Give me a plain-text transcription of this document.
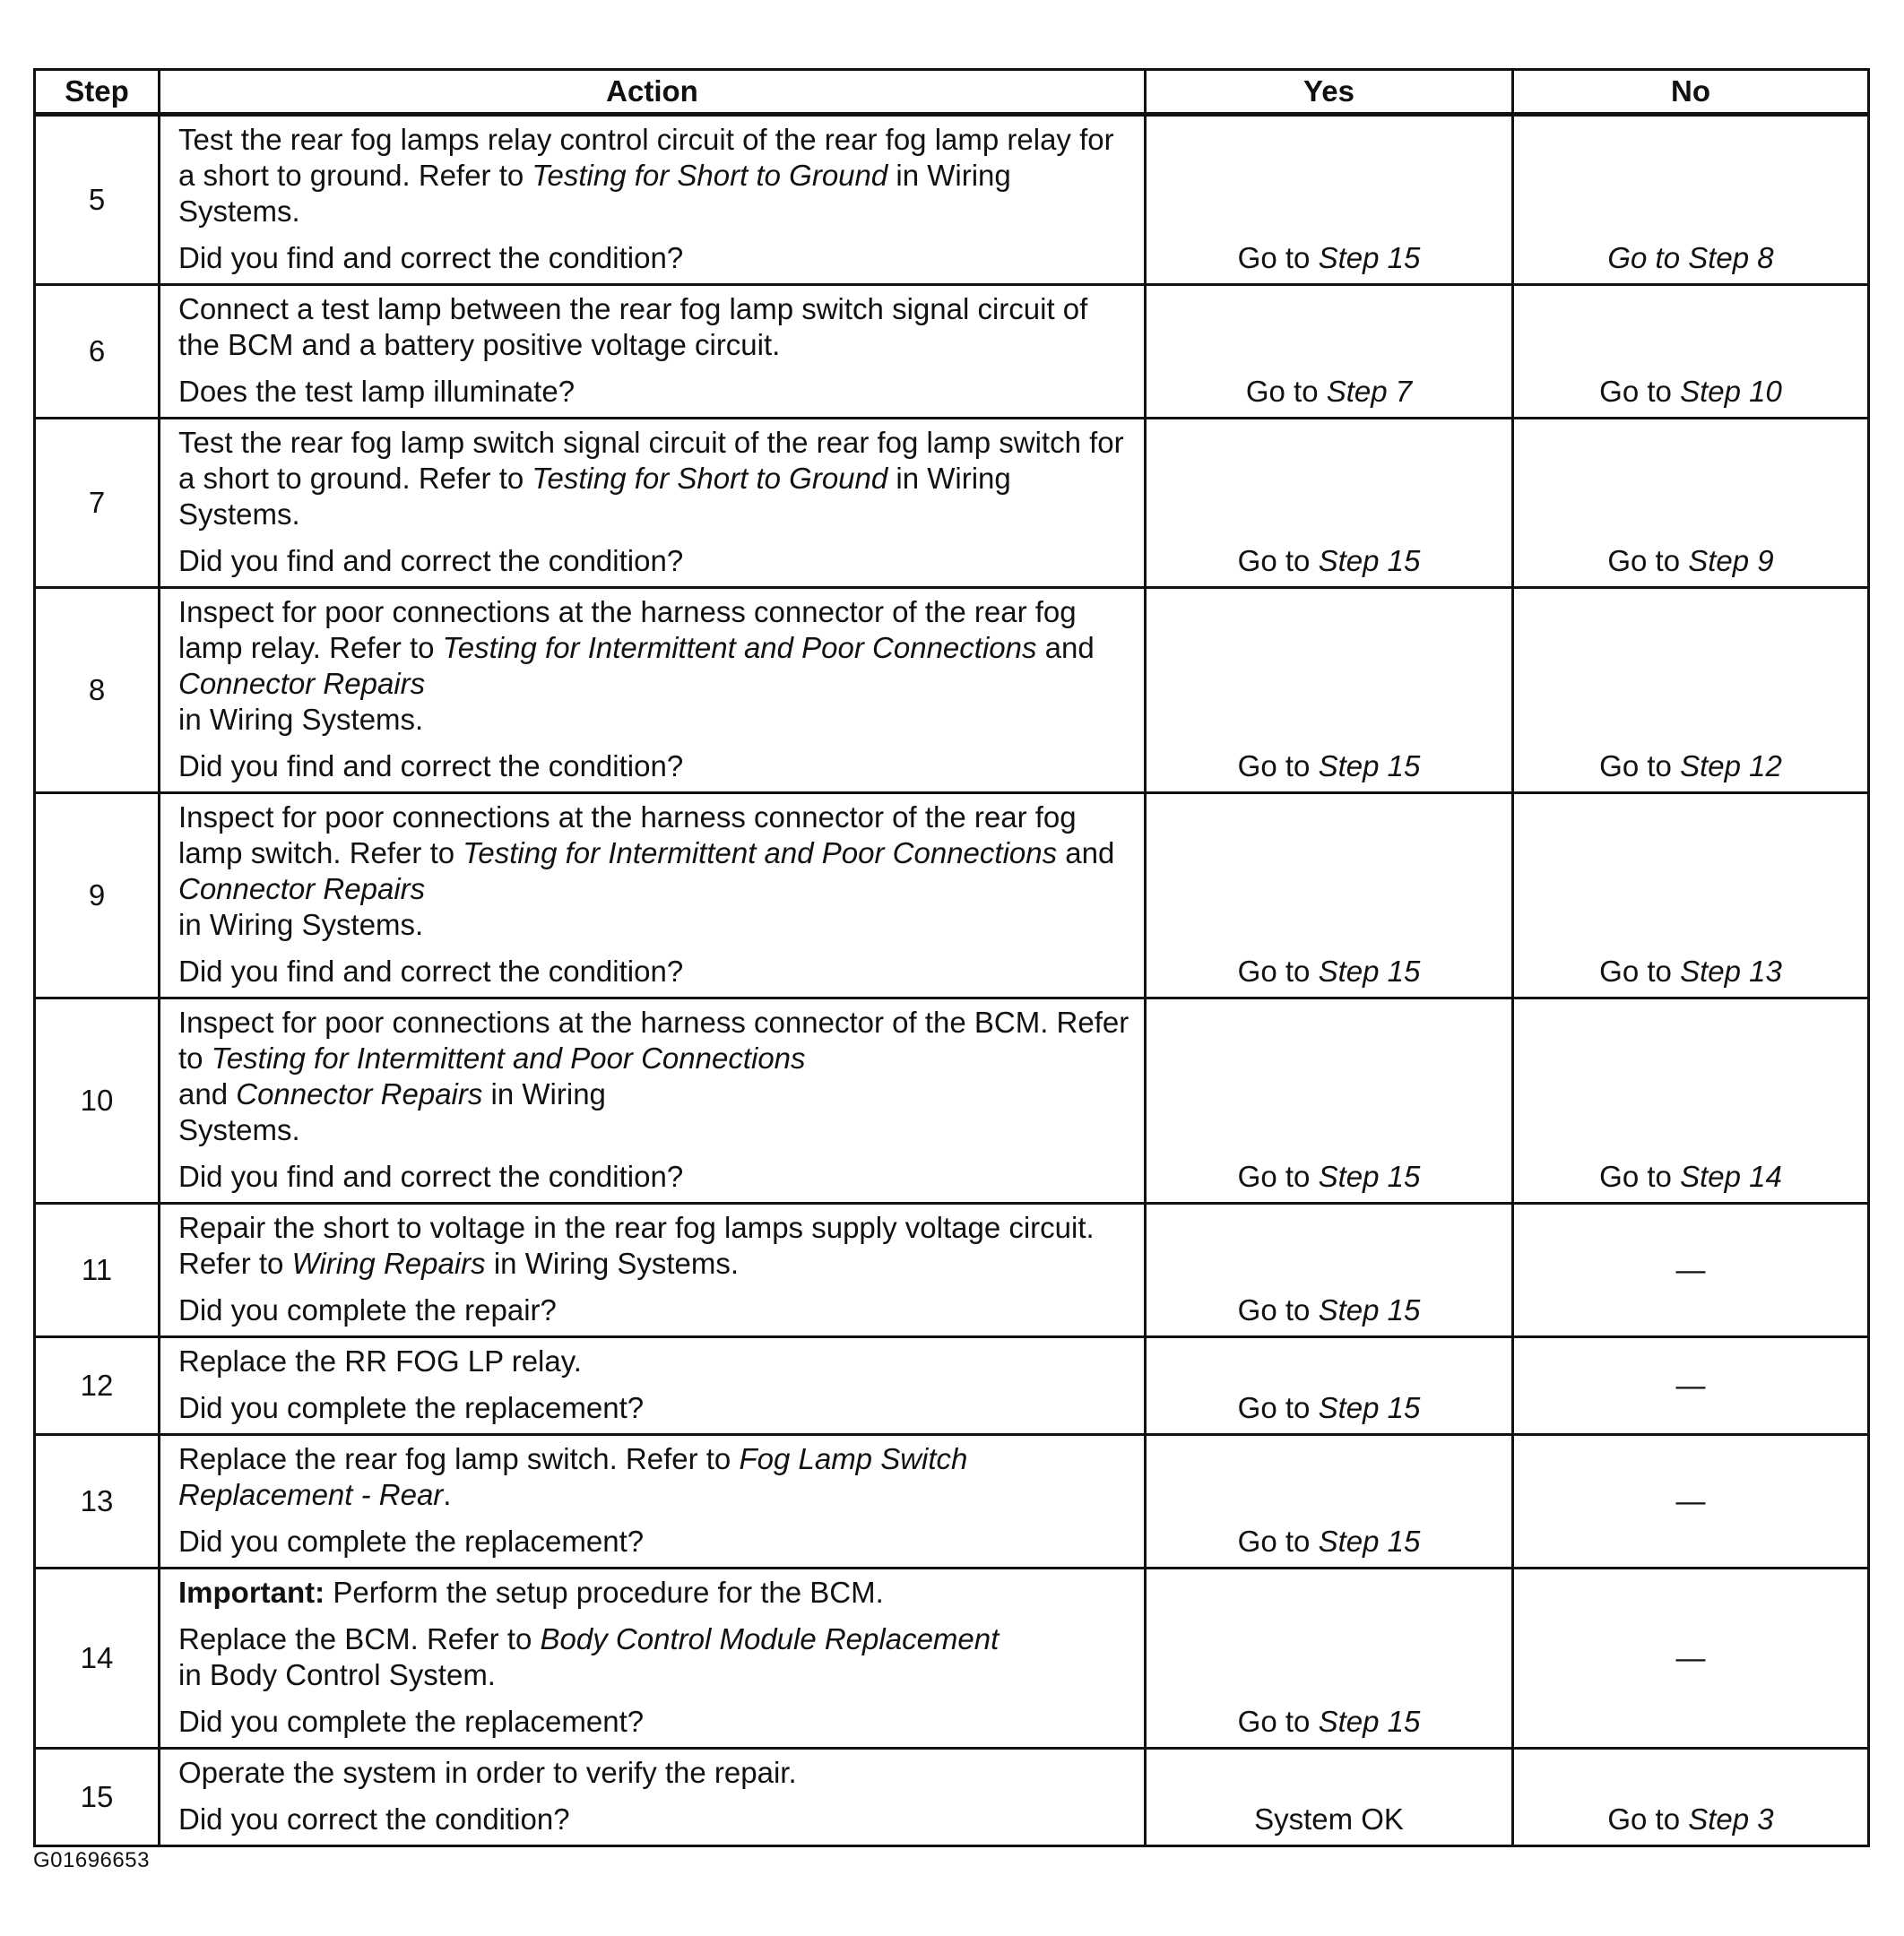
Step	Action	Yes	No
5	Test the rear fog lamps relay control circuit of the rear fog lamp relay for a short to ground. Refer to Testing for Short to Ground in Wiring Systems.

Did you find and correct the condition?	Go to Step 15	Go to Step 8
6	Connect a test lamp between the rear fog lamp switch signal circuit of the BCM and a battery positive voltage circuit.

Does the test lamp illuminate?	Go to Step 7	Go to Step 10
7	Test the rear fog lamp switch signal circuit of the rear fog lamp switch for a short to ground. Refer to Testing for Short to Ground in Wiring Systems.

Did you find and correct the condition?	Go to Step 15	Go to Step 9
8	Inspect for poor connections at the harness connector of the rear fog lamp relay. Refer to Testing for Intermittent and Poor Connections and Connector Repairs
in Wiring Systems.

Did you find and correct the condition?	Go to Step 15	Go to Step 12
9	Inspect for poor connections at the harness connector of the rear fog lamp switch. Refer to Testing for Intermittent and Poor Connections and Connector Repairs
in Wiring Systems.

Did you find and correct the condition?	Go to Step 15	Go to Step 13
10	Inspect for poor connections at the harness connector of the BCM. Refer to Testing for Intermittent and Poor Connections
and Connector Repairs in Wiring
Systems.

Did you find and correct the condition?	Go to Step 15	Go to Step 14
11	Repair the short to voltage in the rear fog lamps supply voltage circuit. Refer to Wiring Repairs in Wiring Systems.

Did you complete the repair?	Go to Step 15	—
12	Replace the RR FOG LP relay.

Did you complete the replacement?	Go to Step 15	—
13	Replace the rear fog lamp switch. Refer to Fog Lamp Switch Replacement - Rear.

Did you complete the replacement?	Go to Step 15	—
14	Important: Perform the setup procedure for the BCM.

Replace the BCM. Refer to Body Control Module Replacement
in Body Control System.

Did you complete the replacement?	Go to Step 15	—
15	Operate the system in order to verify the repair.

Did you correct the condition?	System OK	Go to Step 3
G01696653
